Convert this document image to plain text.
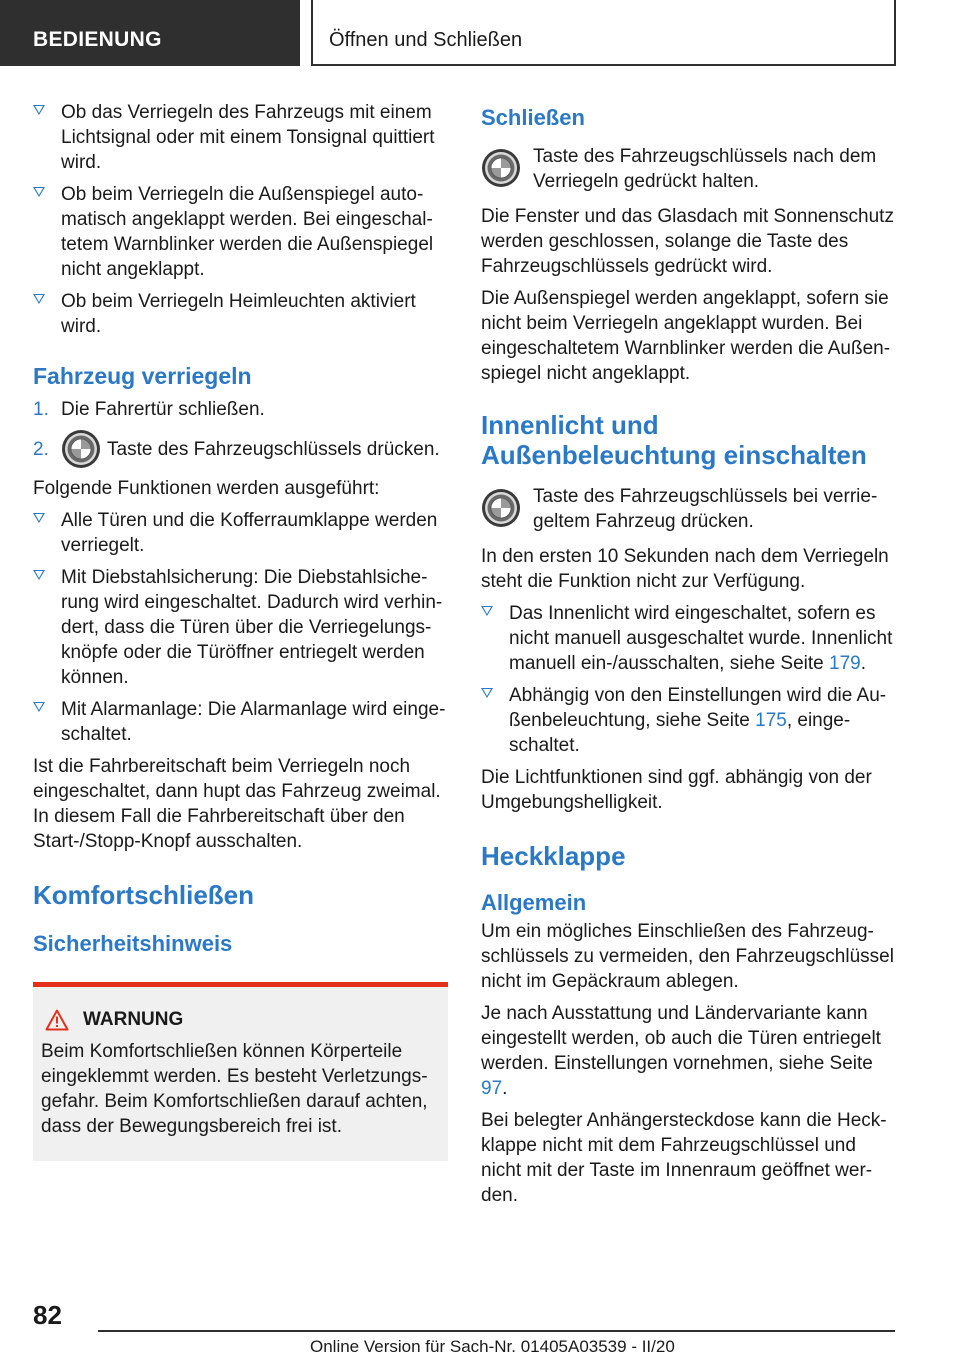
BEDIENUNG	Öffnen und Schließen
Ob das Verriegeln des Fahrzeugs mit einem Lichtsignal oder mit einem Tonsignal quittiert wird.
Ob beim Verriegeln die Außenspiegel automatisch angeklappt werden. Bei eingeschaltetem Warnblinker werden die Außenspiegel nicht angeklappt.
Ob beim Verriegeln Heimleuchten aktiviert wird.
Fahrzeug verriegeln
1. Die Fahrertür schließen.
2.	Taste des Fahrzeugschlüssels drücken.
Folgende Funktionen werden ausgeführt:
Alle Türen und die Kofferraumklappe werden verriegelt.
Mit Diebstahlsicherung: Die Diebstahlsicherung wird eingeschaltet. Dadurch wird verhindert, dass die Türen über die Verriegelungsknöpfe oder die Türöffner entriegelt werden können.
Mit Alarmanlage: Die Alarmanlage wird eingeschaltet.
Ist die Fahrbereitschaft beim Verriegeln noch eingeschaltet, dann hupt das Fahrzeug zweimal. In diesem Fall die Fahrbereitschaft über den Start-/Stopp-Knopf ausschalten.
Komfortschließen
Sicherheitshinweis
WARNUNG
Beim Komfortschließen können Körperteile eingeklemmt werden. Es besteht Verletzungsgefahr. Beim Komfortschließen darauf achten, dass der Bewegungsbereich frei ist.
Schließen
Taste des Fahrzeugschlüssels nach dem Verriegeln gedrückt halten.
Die Fenster und das Glasdach mit Sonnenschutz werden geschlossen, solange die Taste des Fahrzeugschlüssels gedrückt wird.
Die Außenspiegel werden angeklappt, sofern sie nicht beim Verriegeln angeklappt wurden. Bei eingeschaltetem Warnblinker werden die Außenspiegel nicht angeklappt.
Innenlicht und
Außenbeleuchtung einschalten
Taste des Fahrzeugschlüssels bei verriegeltem Fahrzeug drücken.
In den ersten 10 Sekunden nach dem Verriegeln steht die Funktion nicht zur Verfügung.
Das Innenlicht wird eingeschaltet, sofern es nicht manuell ausgeschaltet wurde. Innenlicht manuell ein-/ausschalten, siehe Seite 179.
Abhängig von den Einstellungen wird die Außenbeleuchtung, siehe Seite 175, eingeschaltet.
Die Lichtfunktionen sind ggf. abhängig von der Umgebungshelligkeit.
Heckklappe
Allgemein
Um ein mögliches Einschließen des Fahrzeugschlüssels zu vermeiden, den Fahrzeugschlüssel nicht im Gepäckraum ablegen.
Je nach Ausstattung und Ländervariante kann eingestellt werden, ob auch die Türen entriegelt werden. Einstellungen vornehmen, siehe Seite 97.
Bei belegter Anhängersteckdose kann die Heckklappe nicht mit dem Fahrzeugschlüssel und nicht mit der Taste im Innenraum geöffnet werden.
82
Online Version für Sach-Nr. 01405A03539 - II/20
